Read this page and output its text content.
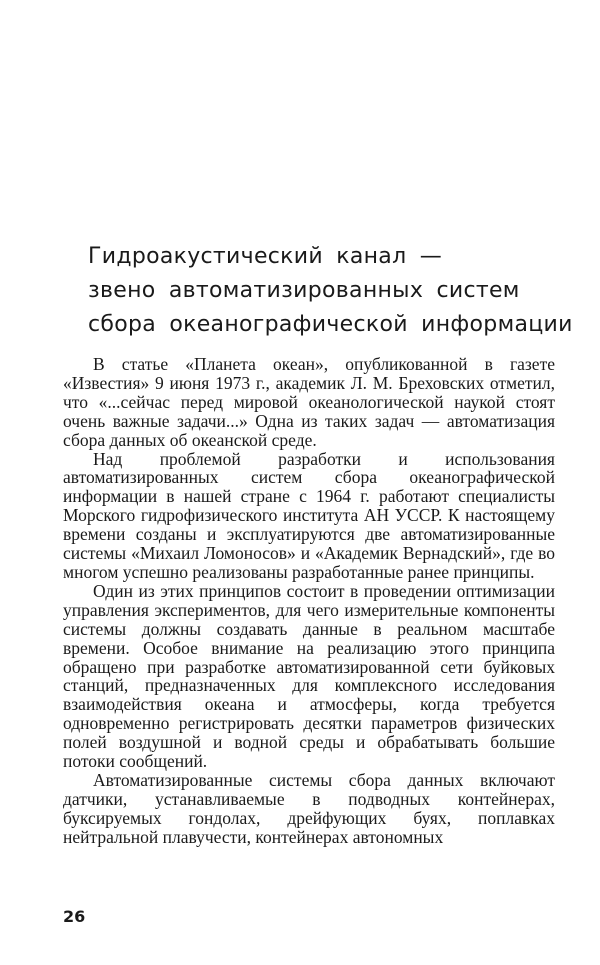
Гидроакустический канал —
звено автоматизированных систем
сбора океанографической информации

В статье «Планета океан», опубликованной в газете «Известия» 9 июня 1973 г., академик Л. М. Бреховских отметил, что «...сейчас перед мировой океанологической наукой стоят очень важные задачи...» Одна из таких задач — автоматизация сбора данных об океанской среде.

Над проблемой разработки и использования автоматизированных систем сбора океанографической информации в нашей стране с 1964 г. работают специалисты Морского гидрофизического института АН УССР. К настоящему времени созданы и эксплуатируются две автоматизированные системы «Михаил Ломоносов» и «Академик Вернадский», где во многом успешно реализованы разработанные ранее принципы.

Один из этих принципов состоит в проведении оптимизации управления экспериментов, для чего измерительные компоненты системы должны создавать данные в реальном масштабе времени. Особое внимание на реализацию этого принципа обращено при разработке автоматизированной сети буйковых станций, предназначенных для комплексного исследования взаимодействия океана и атмосферы, когда требуется одновременно регистрировать десятки параметров физических полей воздушной и водной среды и обрабатывать большие потоки сообщений.

Автоматизированные системы сбора данных включают датчики, устанавливаемые в подводных контейнерах, буксируемых гондолах, дрейфующих буях, поплавках нейтральной плавучести, контейнерах автономных

26
